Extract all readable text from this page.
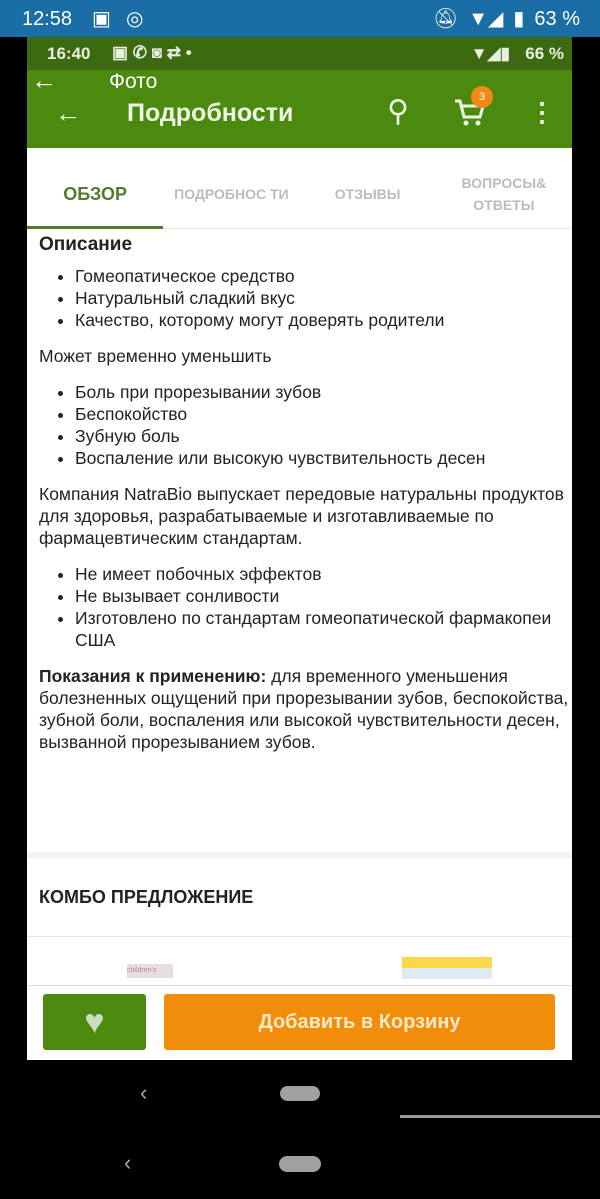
12:58 ▣ ◎	🔕︎ ▼◢ ▮ 63 %
16:40 ▣ ✆ ◙ ⇄ •	▼◢▮ 66 %
← Фото
← Подробности	⚲	3	⋮
ОБЗОР	ПОДРОБНОС ТИ	ОТЗЫВЫ
ВОПРОСЫ& ОТВЕТЫ
Описание
• Гомеопатическое средство
• Натуральный сладкий вкус
• Качество, которому могут доверять родители

Может временно уменьшить

• Боль при прорезывании зубов
• Беспокойство
• Зубную боль
• Воспаление или высокую чувствительность десен

Компания NatraBio выпускает передовые натуральны продуктов для здоровья, разрабатываемые и изготавливаемые по фармацевтическим стандартам.

• Не имеет побочных эффектов
• Не вызывает сонливости
• Изготовлено по стандартам гомеопатической фармакопеи США

Показания к применению: для временного уменьшения болезненных ощущений при прорезывании зубов, беспокойства, зубной боли, воспаления или высокой чувствительности десен, вызванной прорезыванием зубов.

КОМБО ПРЕДЛОЖЕНИЕ
children's
♥	Добавить в Корзину
‹
‹
